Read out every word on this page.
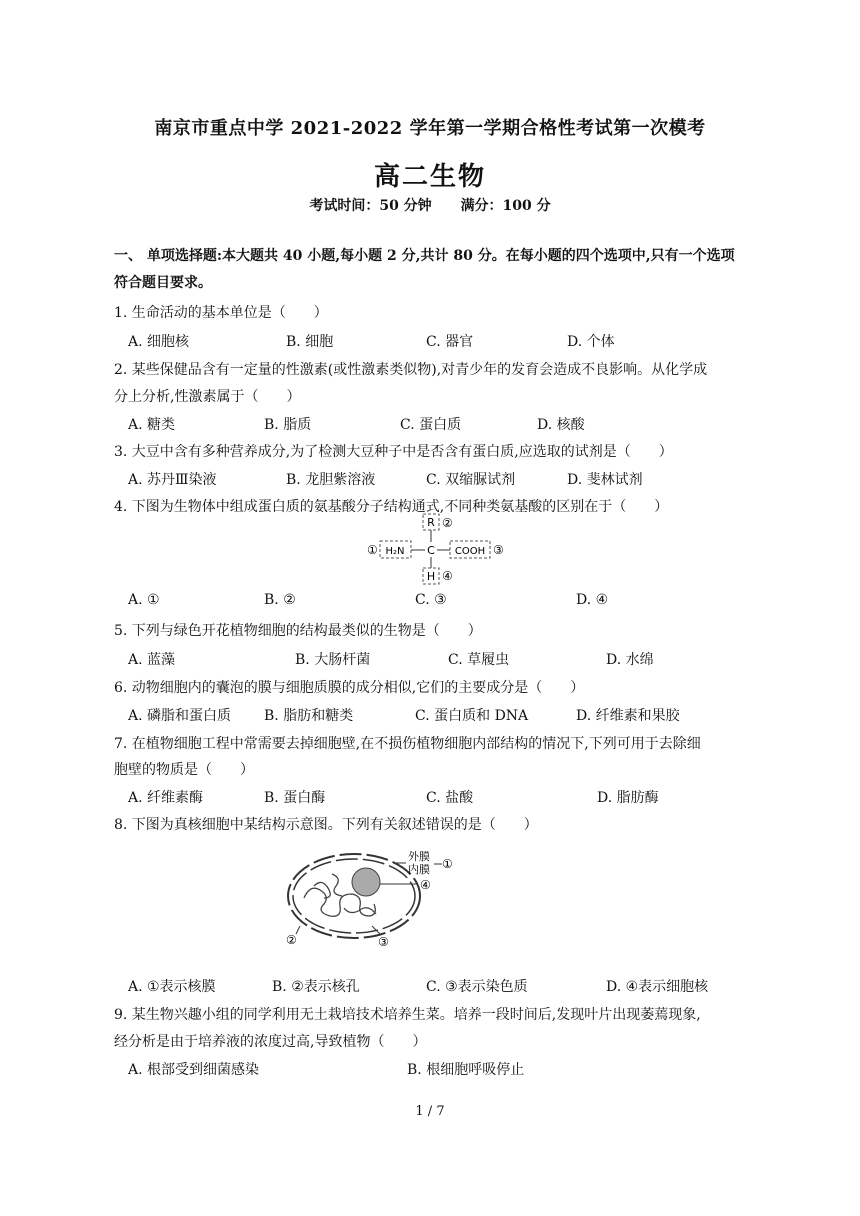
南京市重点中学 2021-2022 学年第一学期合格性考试第一次模考
高二生物
考试时间：50 分钟 满分：100 分
一、 单项选择题:本大题共 40 小题,每小题 2 分,共计 80 分。在每小题的四个选项中,只有一个选项
符合题目要求。
1. 生命活动的基本单位是（　　）
A. 细胞核	B. 细胞	C. 器官	D. 个体
2. 某些保健品含有一定量的性激素(或性激素类似物),对青少年的发育会造成不良影响。从化学成
分上分析,性激素属于（　　）
A. 糖类	B. 脂质	C. 蛋白质	D. 核酸
3. 大豆中含有多种营养成分,为了检测大豆种子中是否含有蛋白质,应选取的试剂是（　　）
A. 苏丹Ⅲ染液	B. 龙胆紫溶液	C. 双缩脲试剂	D. 斐林试剂
4. 下图为生物体中组成蛋白质的氨基酸分子结构通式,不同种类氨基酸的区别在于（　　）
R ②
① H₂N C COOH ③
H ④
A. ①	B. ②	C. ③	D. ④
5. 下列与绿色开花植物细胞的结构最类似的生物是（　　）
A. 蓝藻	B. 大肠杆菌	C. 草履虫	D. 水绵
6. 动物细胞内的囊泡的膜与细胞质膜的成分相似,它们的主要成分是（　　）
A. 磷脂和蛋白质 B. 脂肪和糖类	C. 蛋白质和 DNA	D. 纤维素和果胶
7. 在植物细胞工程中常需要去掉细胞壁,在不损伤植物细胞内部结构的情况下,下列可用于去除细
胞壁的物质是（　　）
A. 纤维素酶	B. 蛋白酶	C. 盐酸	D. 脂肪酶
8. 下图为真核细胞中某结构示意图。下列有关叙述错误的是（　　）
外膜
内膜 ①
④
②	③
A. ①表示核膜	B. ②表示核孔	C. ③表示染色质	D. ④表示细胞核
9. 某生物兴趣小组的同学利用无土栽培技术培养生菜。培养一段时间后,发现叶片出现萎蔫现象,
经分析是由于培养液的浓度过高,导致植物（　　）
A. 根部受到细菌感染	B. 根细胞呼吸停止
1 / 7
